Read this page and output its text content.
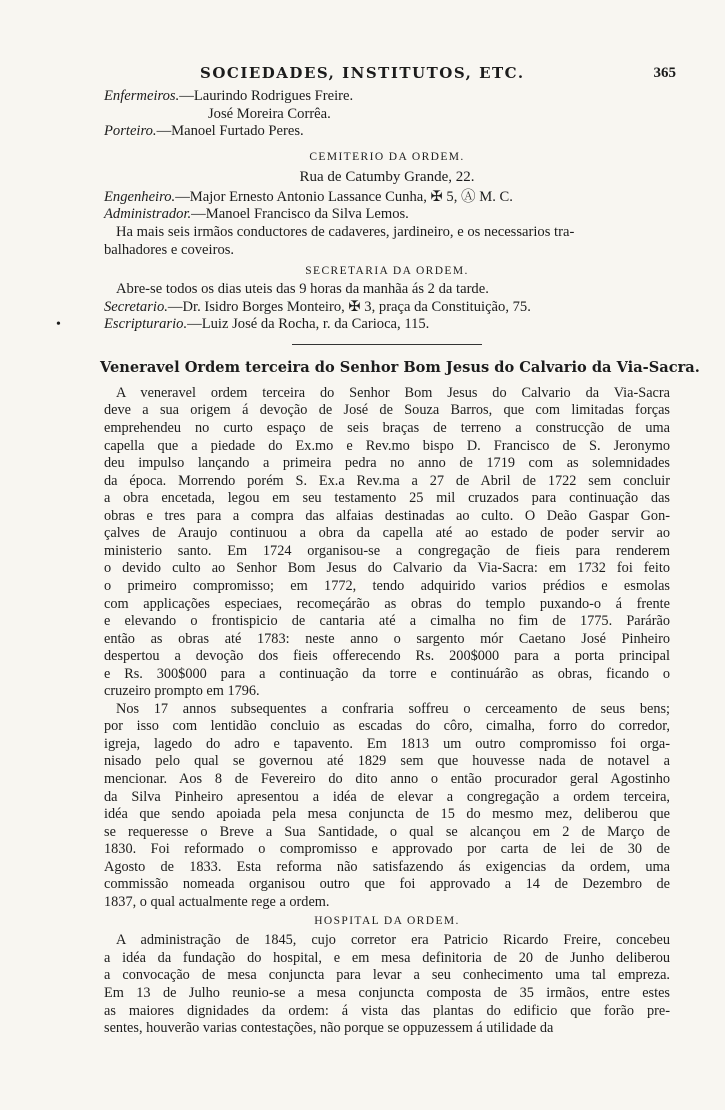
SOCIEDADES, INSTITUTOS, ETC.	365
Enfermeiros.—Laurindo Rodrigues Freire.
José Moreira Corrêa.
Porteiro.—Manoel Furtado Peres.
CEMITERIO DA ORDEM.
Rua de Catumby Grande, 22.
Engenheiro.—Major Ernesto Antonio Lassance Cunha, ✠ 5, Ⓐ M. C.
Administrador.—Manoel Francisco da Silva Lemos.
Ha mais seis irmãos conductores de cadaveres, jardineiro, e os necessarios tra-
balhadores e coveiros.
SECRETARIA DA ORDEM.
Abre-se todos os dias uteis das 9 horas da manhãa ás 2 da tarde.
Secretario.—Dr. Isidro Borges Monteiro, ✠ 3, praça da Constituição, 75.
•	Escripturario.—Luiz José da Rocha, r. da Carioca, 115.
Veneravel Ordem terceira do Senhor Bom Jesus do Calvario da Via-Sacra.
A veneravel ordem terceira do Senhor Bom Jesus do Calvario da Via-Sacra
deve a sua origem á devoção de José de Souza Barros, que com limitadas forças
emprehendeu no curto espaço de seis braças de terreno a construcção de uma
capella que a piedade do Ex.mo e Rev.mo bispo D. Francisco de S. Jeronymo
deu impulso lançando a primeira pedra no anno de 1719 com as solemnidades
da época. Morrendo porém S. Ex.a Rev.ma a 27 de Abril de 1722 sem concluir
a obra encetada, legou em seu testamento 25 mil cruzados para continuação das
obras e tres para a compra das alfaias destinadas ao culto. O Deão Gaspar Gon-
çalves de Araujo continuou a obra da capella até ao estado de poder servir ao
ministerio santo. Em 1724 organisou-se a congregação de fieis para renderem
o devido culto ao Senhor Bom Jesus do Calvario da Via-Sacra: em 1732 foi feito
o primeiro compromisso; em 1772, tendo adquirido varios prédios e esmolas
com applicações especiaes, recomeçárão as obras do templo puxando-o á frente
e elevando o frontispicio de cantaria até a cimalha no fim de 1775. Parárão
então as obras até 1783: neste anno o sargento mór Caetano José Pinheiro
despertou a devoção dos fieis offerecendo Rs. 200$000 para a porta principal
e Rs. 300$000 para a continuação da torre e continuárão as obras, ficando o
cruzeiro prompto em 1796.
Nos 17 annos subsequentes a confraria soffreu o cerceamento de seus bens;
por isso com lentidão concluio as escadas do côro, cimalha, forro do corredor,
igreja, lagedo do adro e tapavento. Em 1813 um outro compromisso foi orga-
nisado pelo qual se governou até 1829 sem que houvesse nada de notavel a
mencionar. Aos 8 de Fevereiro do dito anno o então procurador geral Agostinho
da Silva Pinheiro apresentou a idéa de elevar a congregação a ordem terceira,
idéa que sendo apoiada pela mesa conjuncta de 15 do mesmo mez, deliberou que
se requeresse o Breve a Sua Santidade, o qual se alcançou em 2 de Março de
1830. Foi reformado o compromisso e approvado por carta de lei de 30 de
Agosto de 1833. Esta reforma não satisfazendo ás exigencias da ordem, uma
commissão nomeada organisou outro que foi approvado a 14 de Dezembro de
1837, o qual actualmente rege a ordem.
HOSPITAL DA ORDEM.
A administração de 1845, cujo corretor era Patricio Ricardo Freire, concebeu
a idéa da fundação do hospital, e em mesa definitoria de 20 de Junho deliberou
a convocação de mesa conjuncta para levar a seu conhecimento uma tal empreza.
Em 13 de Julho reunio-se a mesa conjuncta composta de 35 irmãos, entre estes
as maiores dignidades da ordem: á vista das plantas do edificio que forão pre-
sentes, houverão varias contestações, não porque se oppuzessem á utilidade da
